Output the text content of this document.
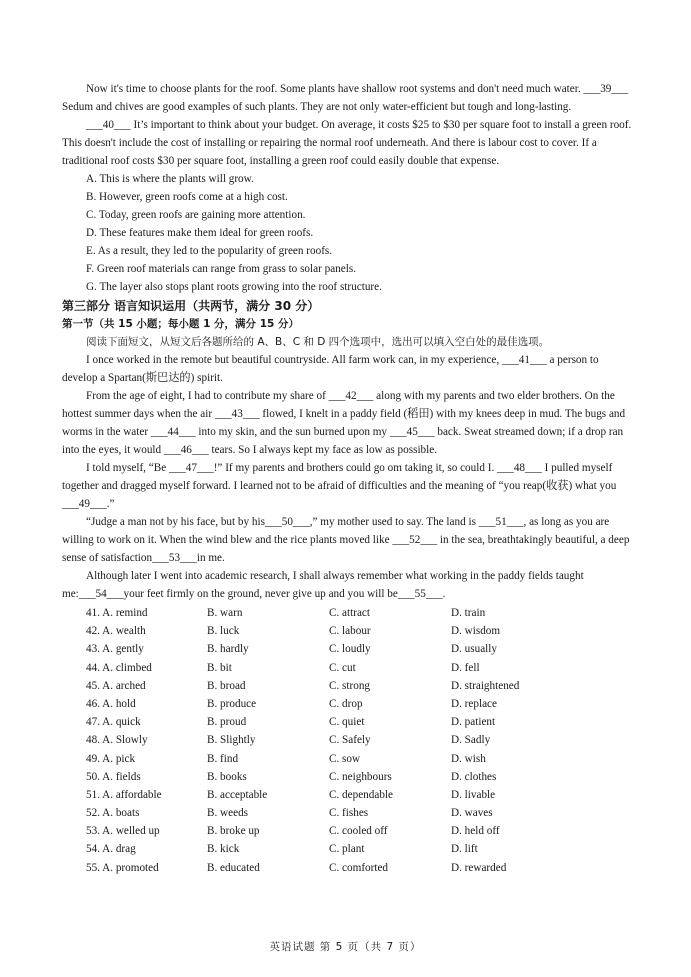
Now it's time to choose plants for the roof. Some plants have shallow root systems and don't need much water. ___39___ Sedum and chives are good examples of such plants. They are not only water-efficient but tough and long-lasting.

___40___ It’s important to think about your budget. On average, it costs $25 to $30 per square foot to install a green roof. This doesn't include the cost of installing or repairing the normal roof underneath. And there is labour cost to cover. If a traditional roof costs $30 per square foot, installing a green roof could easily double that expense.

A. This is where the plants will grow.

B. However, green roofs come at a high cost.

C. Today, green roofs are gaining more attention.

D. These features make them ideal for green roofs.

E. As a result, they led to the popularity of green roofs.

F. Green roof materials can range from grass to solar panels.

G. The layer also stops plant roots growing into the roof structure.

第三部分 语言知识运用（共两节，满分 30 分）

第一节（共 15 小题；每小题 1 分，满分 15 分）

阅读下面短文，从短文后各题所给的 A、B、C 和 D 四个选项中，选出可以填入空白处的最佳选项。

I once worked in the remote but beautiful countryside. All farm work can, in my experience, ___41___ a person to develop a Spartan(斯巴达的) spirit.

From the age of eight, I had to contribute my share of ___42___ along with my parents and two elder brothers. On the hottest summer days when the air ___43___ flowed, I knelt in a paddy field (稻田) with my knees deep in mud. The bugs and worms in the water ___44___ into my skin, and the sun burned upon my ___45___ back. Sweat streamed down; if a drop ran into the eyes, it would ___46___ tears. So I always kept my face as low as possible.

I told myself, “Be ___47___!” If my parents and brothers could go om taking it, so could I. ___48___ I pulled myself together and dragged myself forward. I learned not to be afraid of difficulties and the meaning of “you reap(收获) what you ___49___.”

“Judge a man not by his face, but by his___50___,” my mother used to say. The land is ___51___, as long as you are willing to work on it. When the wind blew and the rice plants moved like ___52___ in the sea, breathtakingly beautiful, a deep sense of satisfaction___53___in me.

Although later I went into academic research, I shall always remember what working in the paddy fields taught me:___54___your feet firmly on the ground, never give up and you will be___55___.

41. A. remind	B. warn	C. attract	D. train
42. A. wealth	B. luck	C. labour	D. wisdom
43. A. gently	B. hardly	C. loudly	D. usually
44. A. climbed	B. bit	C. cut	D. fell
45. A. arched	B. broad	C. strong	D. straightened
46. A. hold	B. produce	C. drop	D. replace
47. A. quick	B. proud	C. quiet	D. patient
48. A. Slowly	B. Slightly	C. Safely	D. Sadly
49. A. pick	B. find	C. sow	D. wish
50. A. fields	B. books	C. neighbours	D. clothes
51. A. affordable	B. acceptable	C. dependable	D. livable
52. A. boats	B. weeds	C. fishes	D. waves
53. A. welled up	B. broke up	C. cooled off	D. held off
54. A. drag	B. kick	C. plant	D. lift
55. A. promoted	B. educated	C. comforted	D. rewarded
英语试题 第 5 页（共 7 页）
